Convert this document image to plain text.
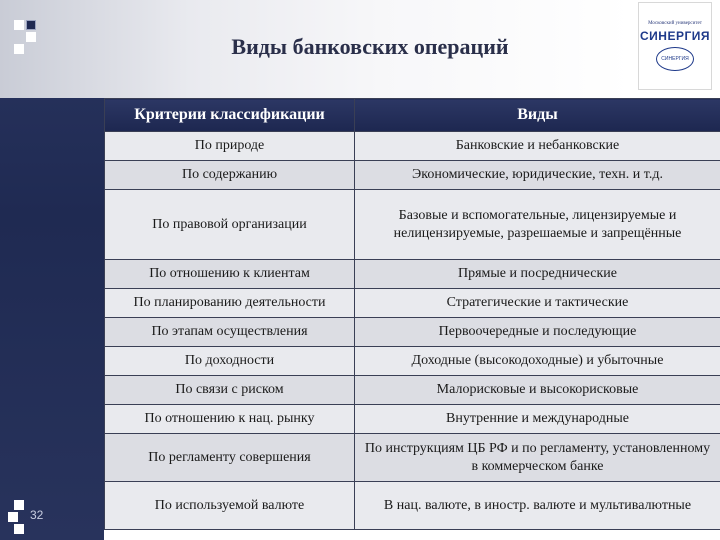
Виды банковских операций
Московский университет
СИНЕРГИЯ
СИНЕРГИЯ
Критерии классификации	Виды
По природе	Банковские и небанковские
По содержанию	Экономические, юридические, техн. и т.д.
По правовой организации	Базовые и вспомогательные, лицензируемые и нелицензируемые, разрешаемые и запрещённые
По отношению к клиентам	Прямые и посреднические
По планированию деятельности	Стратегические и тактические
По этапам осуществления	Первоочередные и последующие
По доходности	Доходные (высокодоходные) и убыточные
По связи с риском	Малорисковые и высокорисковые
По отношению к нац. рынку	Внутренние и международные
По регламенту совершения	По инструкциям ЦБ РФ и по регламенту, установленному в коммерческом банке
По используемой валюте	В нац. валюте, в иностр. валюте и мультивалютные
32
